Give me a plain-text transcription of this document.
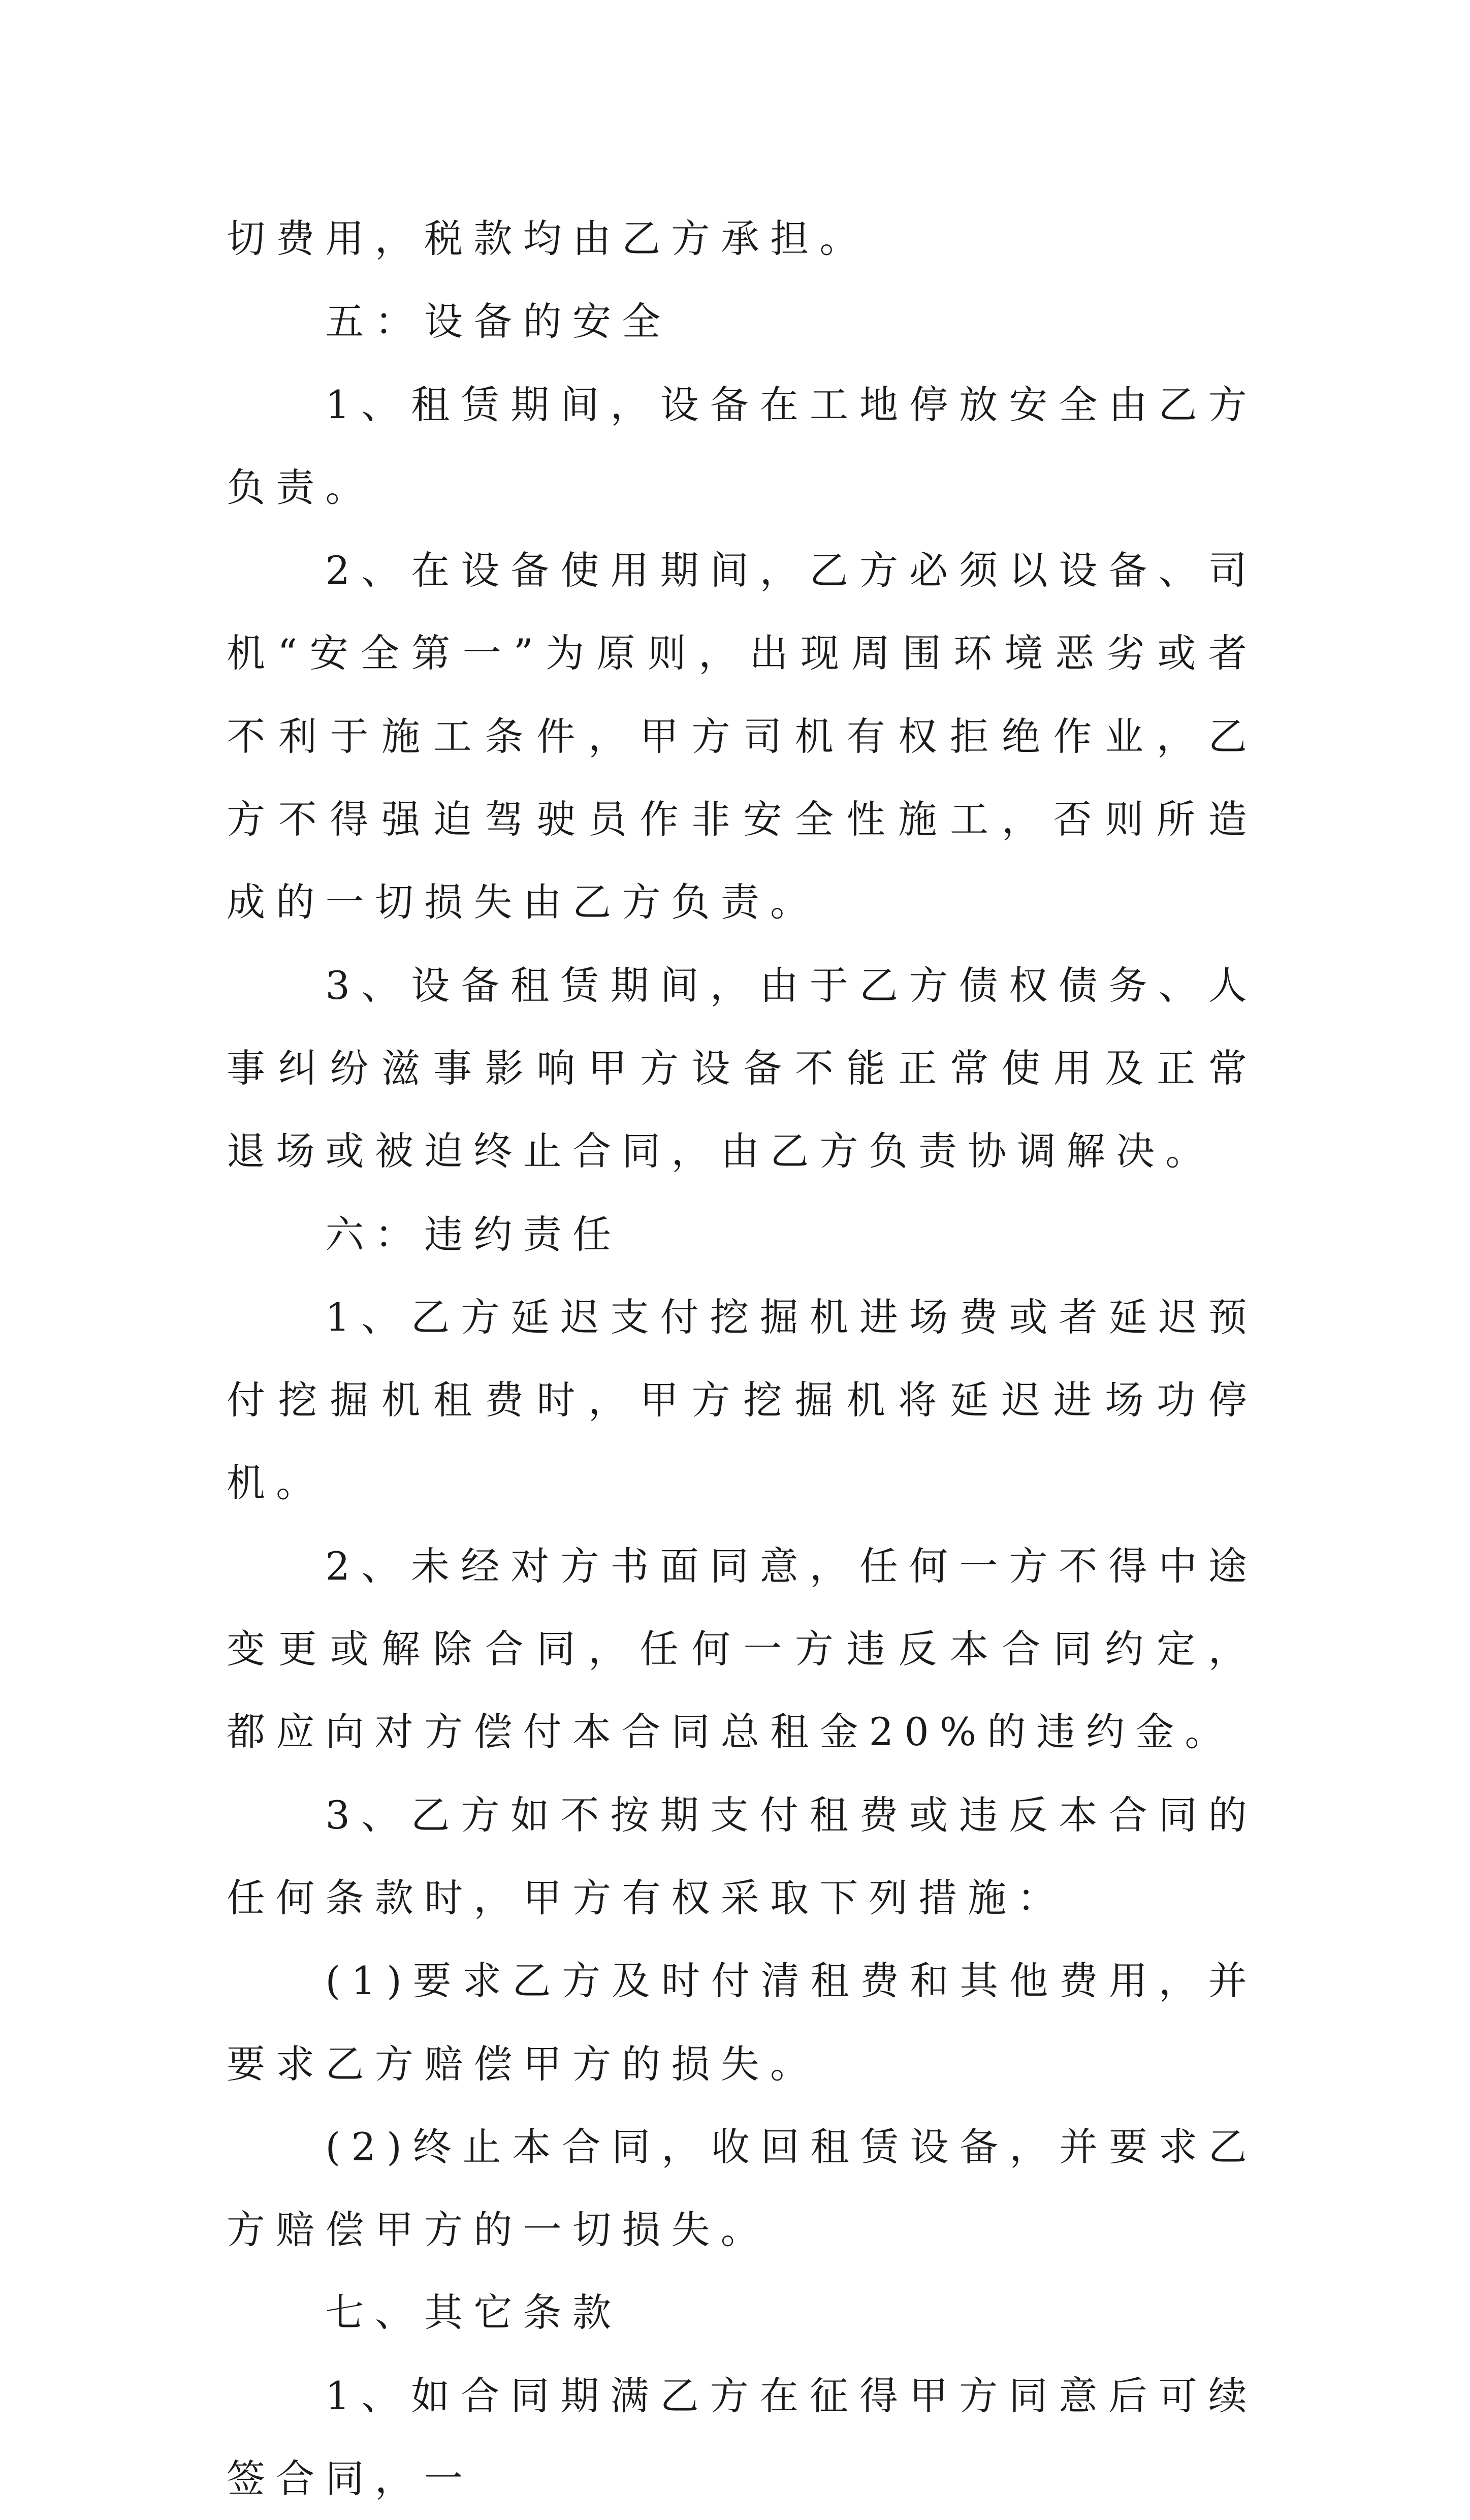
切费用，税款均由乙方承担。

五：设备的安全

1、租赁期间，设备在工地停放安全由乙方负责。

2、在设备使用期间，乙方必须以设备、司机“安全第一”为原则，出现周围环境恶劣或者不利于施工条件，甲方司机有权拒绝作业，乙方不得强迫驾驶员作非安全性施工，否则所造成的一切损失由乙方负责。

3、设备租赁期间，由于乙方债权债务、人事纠纷滋事影响甲方设备不能正常使用及正常退场或被迫终止合同，由乙方负责协调解决。

六：违约责任

1、乙方延迟支付挖掘机进场费或者延迟预付挖掘机租费时，甲方挖掘机将延迟进场功停机。

2、未经对方书面同意，任何一方不得中途变更或解除合同，任何一方违反本合同约定，都应向对方偿付本合同总租金20%的违约金。

3、乙方如不按期支付租费或违反本合同的任何条款时，甲方有权采取下列措施：

(1)要求乙方及时付清租费和其他费用，并要求乙方赔偿甲方的损失。

(2)终止本合同，收回租赁设备，并要求乙方赔偿甲方的一切损失。

七、其它条款

1、如合同期满乙方在征得甲方同意后可续签合同，一
